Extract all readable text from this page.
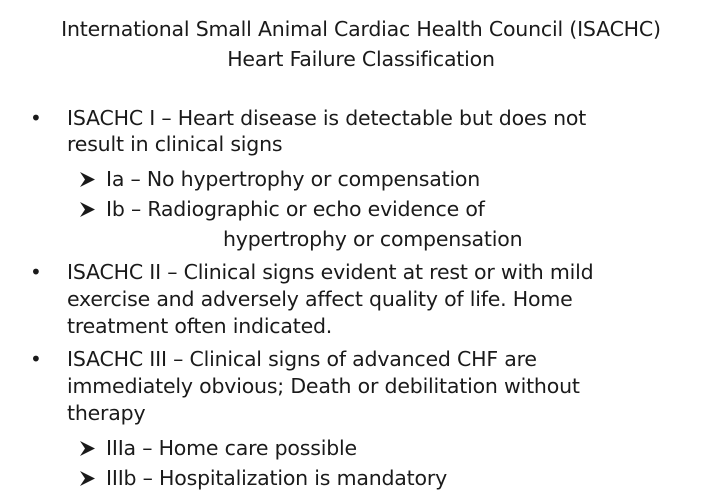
International Small Animal Cardiac Health Council (ISACHC)
Heart Failure Classification
• ISACHC I – Heart disease is detectable but does not
result in clinical signs
Ia – No hypertrophy or compensation
Ib – Radiographic or echo evidence of
hypertrophy or compensation
• ISACHC II – Clinical signs evident at rest or with mild
exercise and adversely affect quality of life. Home
treatment often indicated.
• ISACHC III – Clinical signs of advanced CHF are
immediately obvious; Death or debilitation without
therapy
IIIa – Home care possible
IIIb – Hospitalization is mandatory
